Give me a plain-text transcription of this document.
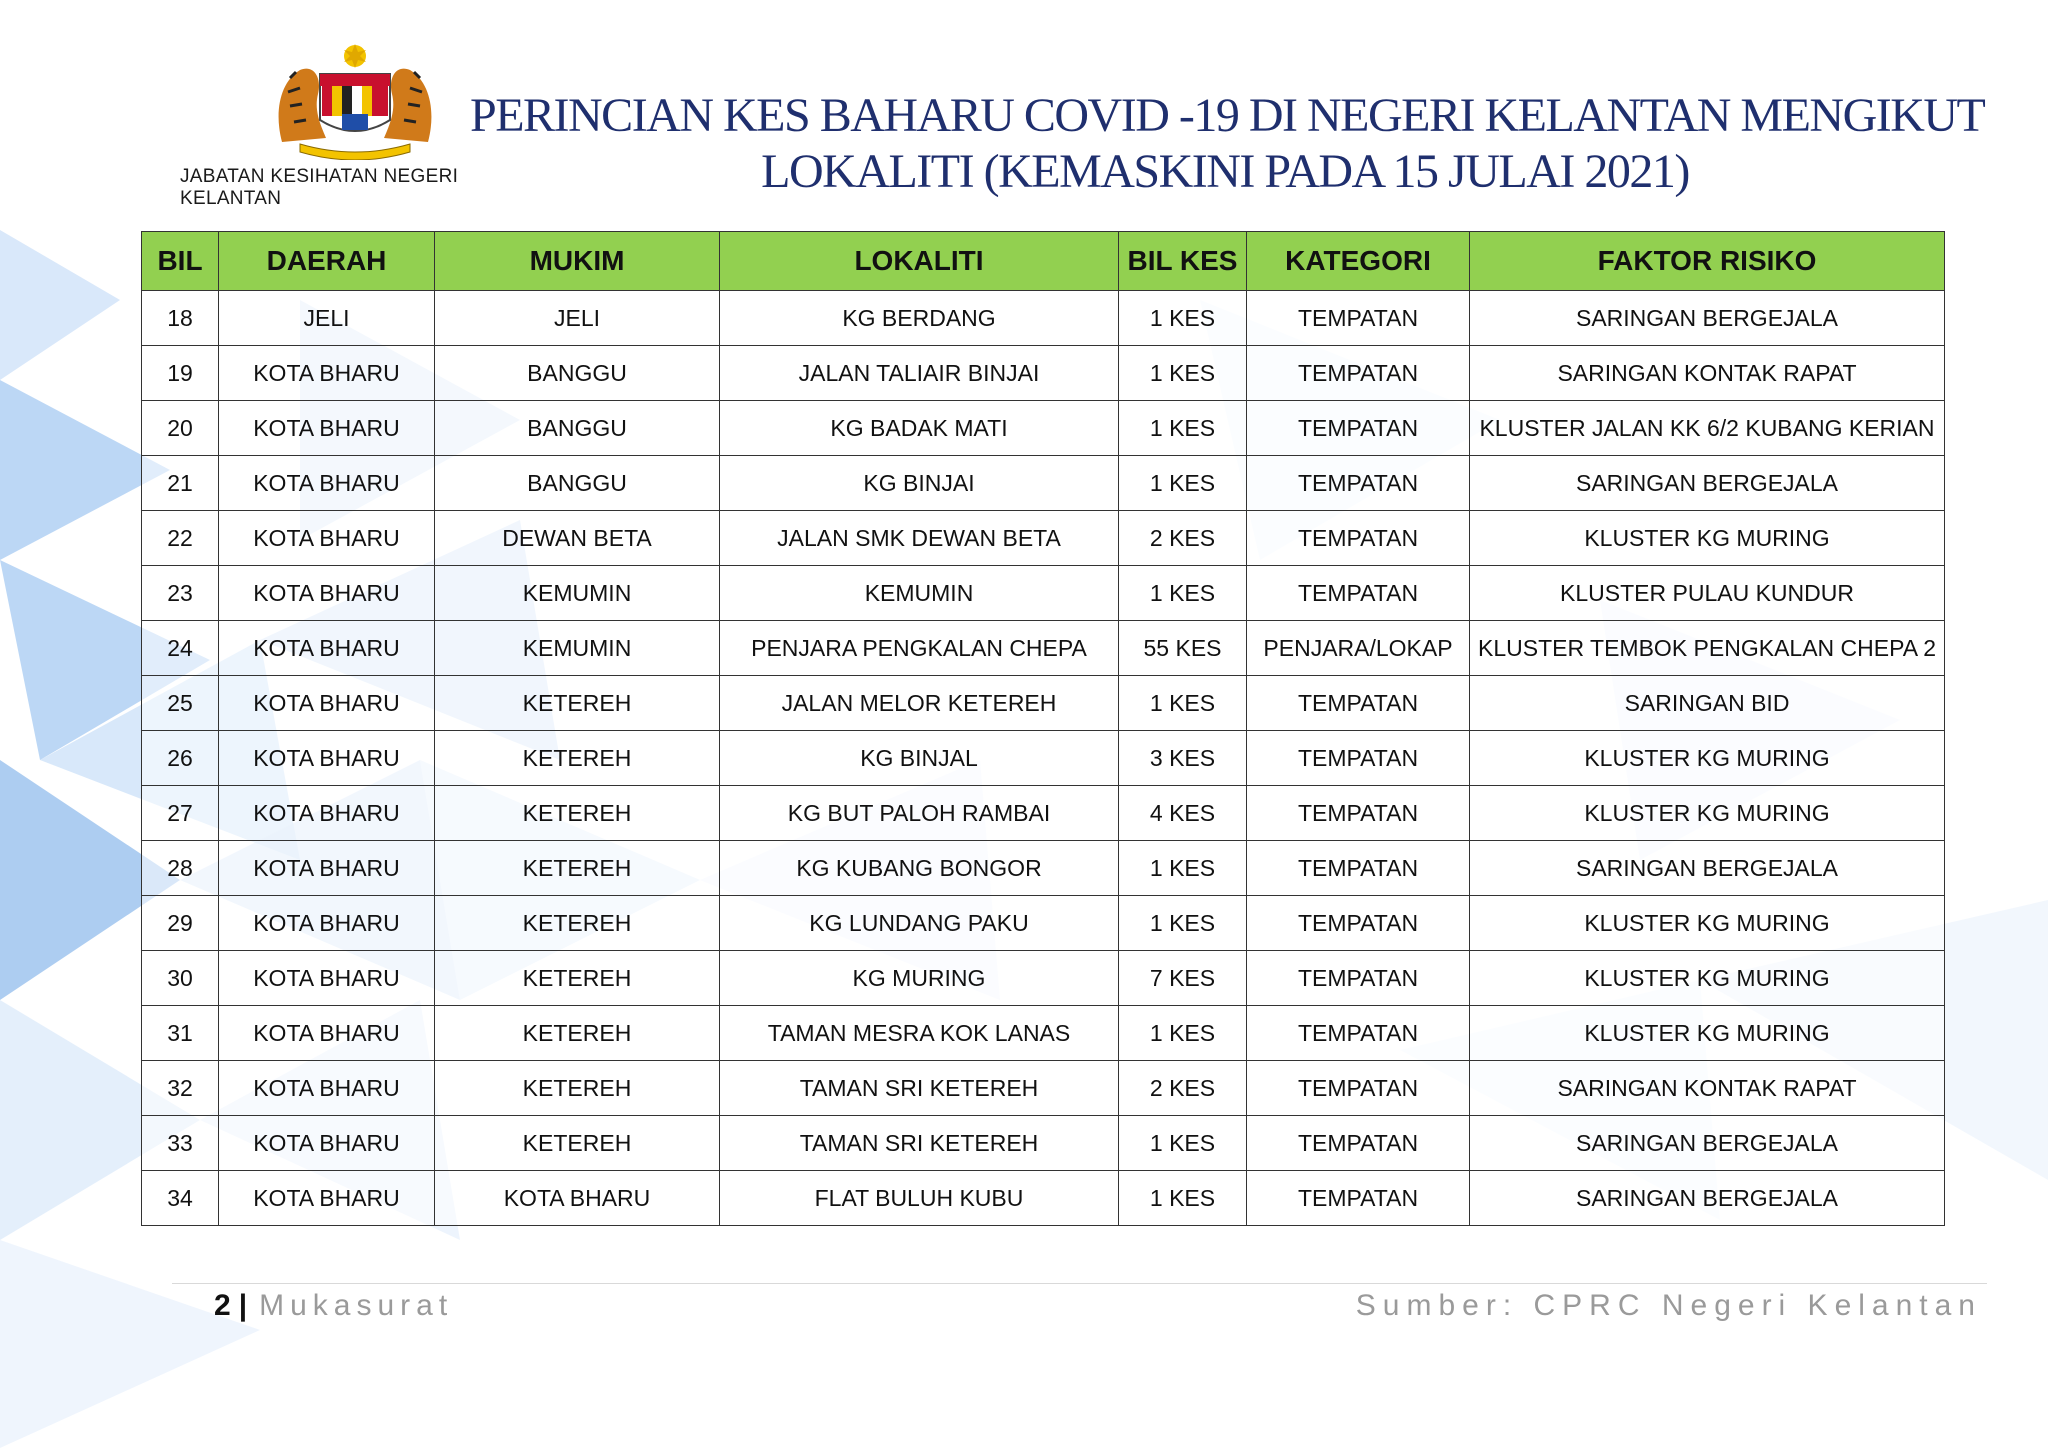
JABATAN KESIHATAN NEGERI KELANTAN
PERINCIAN KES BAHARU COVID -19 DI NEGERI KELANTAN MENGIKUT
LOKALITI (KEMASKINI PADA 15 JULAI 2021)
BIL	DAERAH	MUKIM	LOKALITI	BIL KES	KATEGORI	FAKTOR RISIKO
18	JELI	JELI	KG BERDANG	1 KES	TEMPATAN	SARINGAN BERGEJALA
19	KOTA BHARU	BANGGU	JALAN TALIAIR BINJAI	1 KES	TEMPATAN	SARINGAN KONTAK RAPAT
20	KOTA BHARU	BANGGU	KG BADAK MATI	1 KES	TEMPATAN	KLUSTER JALAN KK 6/2 KUBANG KERIAN
21	KOTA BHARU	BANGGU	KG BINJAI	1 KES	TEMPATAN	SARINGAN BERGEJALA
22	KOTA BHARU	DEWAN BETA	JALAN SMK DEWAN BETA	2 KES	TEMPATAN	KLUSTER KG MURING
23	KOTA BHARU	KEMUMIN	KEMUMIN	1 KES	TEMPATAN	KLUSTER PULAU KUNDUR
24	KOTA BHARU	KEMUMIN	PENJARA PENGKALAN CHEPA	55 KES	PENJARA/LOKAP	KLUSTER TEMBOK PENGKALAN CHEPA 2
25	KOTA BHARU	KETEREH	JALAN MELOR KETEREH	1 KES	TEMPATAN	SARINGAN BID
26	KOTA BHARU	KETEREH	KG BINJAL	3 KES	TEMPATAN	KLUSTER KG MURING
27	KOTA BHARU	KETEREH	KG BUT PALOH RAMBAI	4 KES	TEMPATAN	KLUSTER KG MURING
28	KOTA BHARU	KETEREH	KG KUBANG BONGOR	1 KES	TEMPATAN	SARINGAN BERGEJALA
29	KOTA BHARU	KETEREH	KG LUNDANG PAKU	1 KES	TEMPATAN	KLUSTER KG MURING
30	KOTA BHARU	KETEREH	KG MURING	7 KES	TEMPATAN	KLUSTER KG MURING
31	KOTA BHARU	KETEREH	TAMAN MESRA KOK LANAS	1 KES	TEMPATAN	KLUSTER KG MURING
32	KOTA BHARU	KETEREH	TAMAN SRI KETEREH	2 KES	TEMPATAN	SARINGAN KONTAK RAPAT
33	KOTA BHARU	KETEREH	TAMAN SRI KETEREH	1 KES	TEMPATAN	SARINGAN BERGEJALA
34	KOTA BHARU	KOTA BHARU	FLAT BULUH KUBU	1 KES	TEMPATAN	SARINGAN BERGEJALA
2 | Mukasurat	Sumber: CPRC Negeri Kelantan
